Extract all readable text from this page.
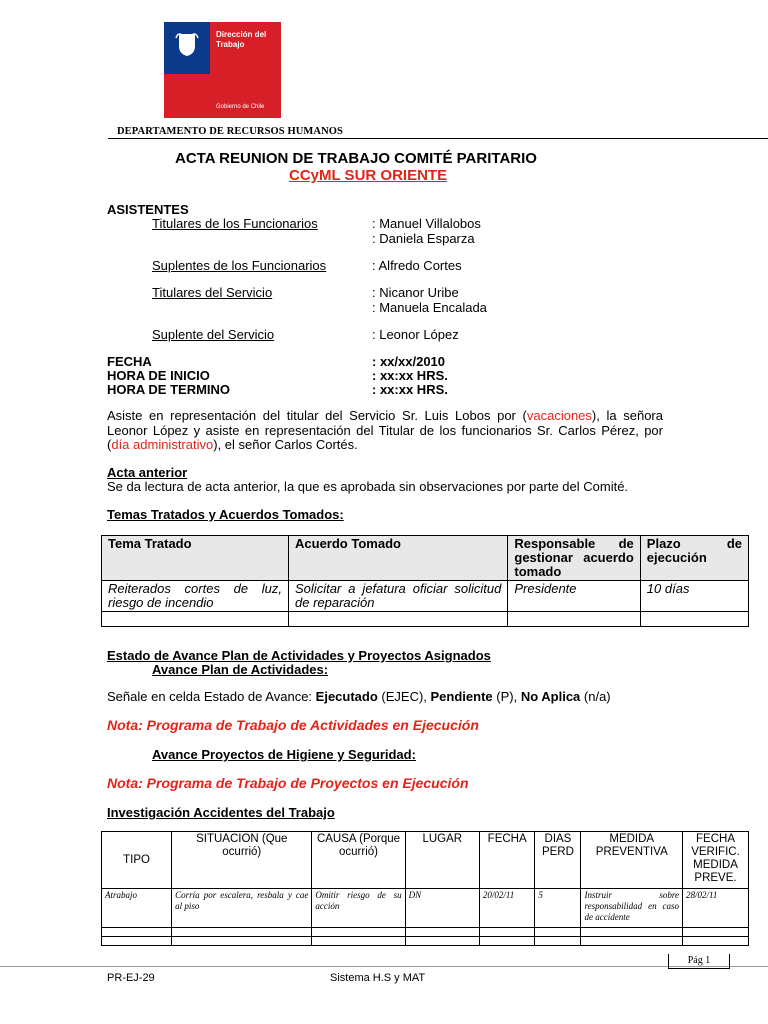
Dirección del
Trabajo
Gobierno de Chile
DEPARTAMENTO DE RECURSOS HUMANOS
ACTA REUNION DE TRABAJO COMITÉ PARITARIO
CCyML SUR ORIENTE
ASISTENTES
Titulares de los Funcionarios	: Manuel Villalobos
: Daniela Esparza
Suplentes de los Funcionarios	: Alfredo Cortes
Titulares del Servicio	: Nicanor Uribe
: Manuela Encalada
Suplente del Servicio	: Leonor López
FECHA	: xx/xx/2010
HORA DE INICIO	: xx:xx HRS.
HORA DE TERMINO	: xx:xx HRS.
Asiste en representación del titular del Servicio Sr. Luis Lobos por (vacaciones), la señora Leonor López y asiste en representación del Titular de los funcionarios Sr. Carlos Pérez, por (día administrativo), el señor Carlos Cortés.
Acta anterior
Se da lectura de acta anterior, la que es aprobada sin observaciones por parte del Comité.
Temas Tratados y Acuerdos Tomados:
Tema Tratado	Acuerdo Tomado	Responsable de gestionar acuerdo tomado	Plazo de ejecución
Reiterados cortes de luz, riesgo de incendio	Solicitar a jefatura oficiar solicitud de reparación	Presidente	10 días

Estado de Avance Plan de Actividades y Proyectos Asignados
Avance Plan de Actividades:
Señale en celda Estado de Avance: Ejecutado (EJEC), Pendiente (P), No Aplica (n/a)
Nota: Programa de Trabajo de Actividades en Ejecución
Avance Proyectos de Higiene y Seguridad:
Nota: Programa de Trabajo de Proyectos en Ejecución
Investigación Accidentes del Trabajo
TIPO	SITUACION (Que ocurrió)	CAUSA (Porque ocurrió)	LUGAR	FECHA	DIAS PERD	MEDIDA PREVENTIVA	FECHA VERIFIC. MEDIDA PREVE.
Atrabajo	Corría por escalera, resbala y cae al piso	Omitir riesgo de su acción	DN	20/02/11	5	Instruir sobre responsabilidad en caso de accidente	28/02/11

Pág 1
PR-EJ-29	Sistema H.S y MAT
